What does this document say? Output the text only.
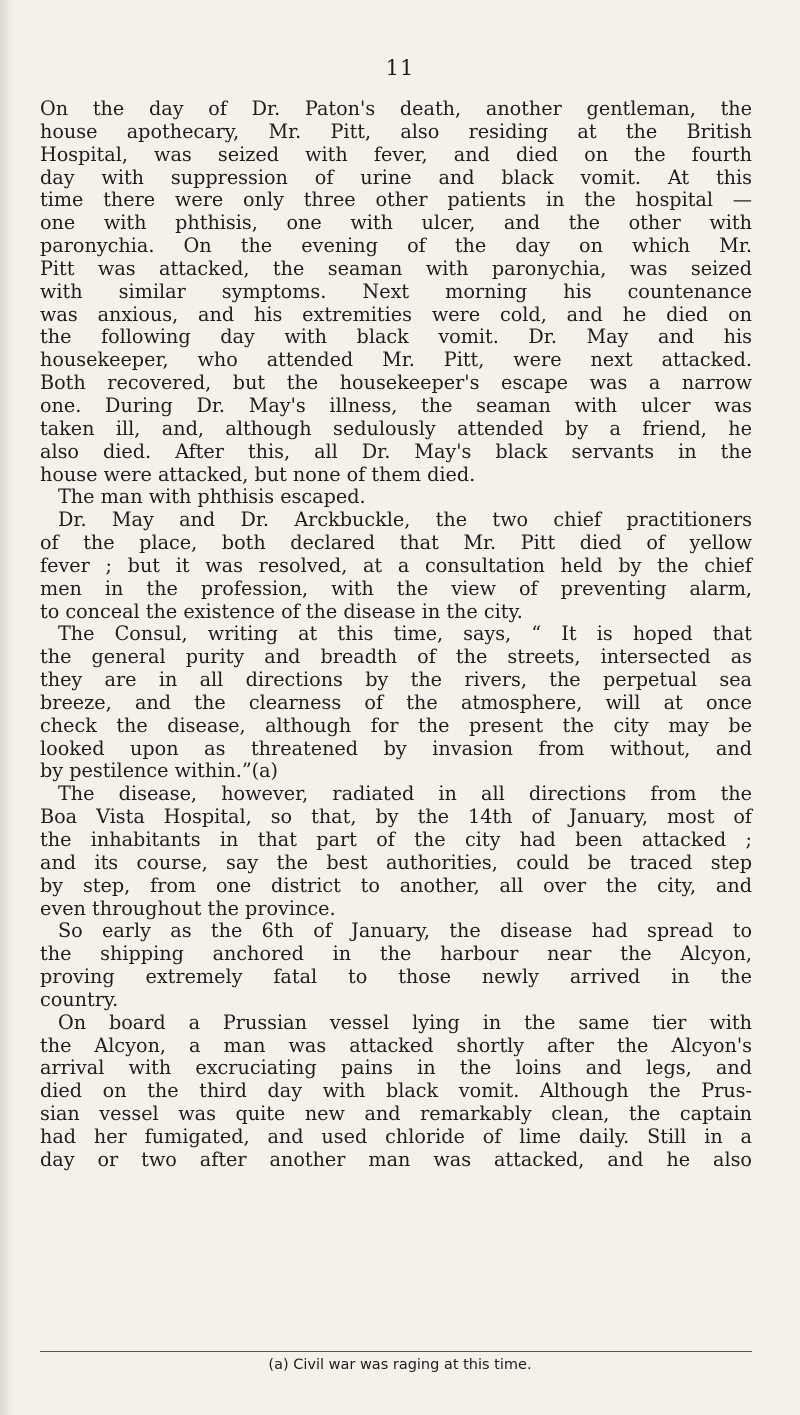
11
On the day of Dr. Paton's death, another gentleman, the
house apothecary, Mr. Pitt, also residing at the British
Hospital, was seized with fever, and died on the fourth
day with suppression of urine and black vomit. At this
time there were only three other patients in the hospital —
one with phthisis, one with ulcer, and the other with
paronychia. On the evening of the day on which Mr.
Pitt was attacked, the seaman with paronychia, was seized
with similar symptoms. Next morning his countenance
was anxious, and his extremities were cold, and he died on
the following day with black vomit. Dr. May and his
housekeeper, who attended Mr. Pitt, were next attacked.
Both recovered, but the housekeeper's escape was a narrow
one. During Dr. May's illness, the seaman with ulcer was
taken ill, and, although sedulously attended by a friend, he
also died. After this, all Dr. May's black servants in the
house were attacked, but none of them died.
The man with phthisis escaped.
Dr. May and Dr. Arckbuckle, the two chief practitioners
of the place, both declared that Mr. Pitt died of yellow
fever ; but it was resolved, at a consultation held by the chief
men in the profession, with the view of preventing alarm,
to conceal the existence of the disease in the city.
The Consul, writing at this time, says, “ It is hoped that
the general purity and breadth of the streets, intersected as
they are in all directions by the rivers, the perpetual sea
breeze, and the clearness of the atmosphere, will at once
check the disease, although for the present the city may be
looked upon as threatened by invasion from without, and
by pestilence within.”(a)
The disease, however, radiated in all directions from the
Boa Vista Hospital, so that, by the 14th of January, most of
the inhabitants in that part of the city had been attacked ;
and its course, say the best authorities, could be traced step
by step, from one district to another, all over the city, and
even throughout the province.
So early as the 6th of January, the disease had spread to
the shipping anchored in the harbour near the Alcyon,
proving extremely fatal to those newly arrived in the
country.
On board a Prussian vessel lying in the same tier with
the Alcyon, a man was attacked shortly after the Alcyon's
arrival with excruciating pains in the loins and legs, and
died on the third day with black vomit. Although the Prus-
sian vessel was quite new and remarkably clean, the captain
had her fumigated, and used chloride of lime daily. Still in a
day or two after another man was attacked, and he also
(a) Civil war was raging at this time.
